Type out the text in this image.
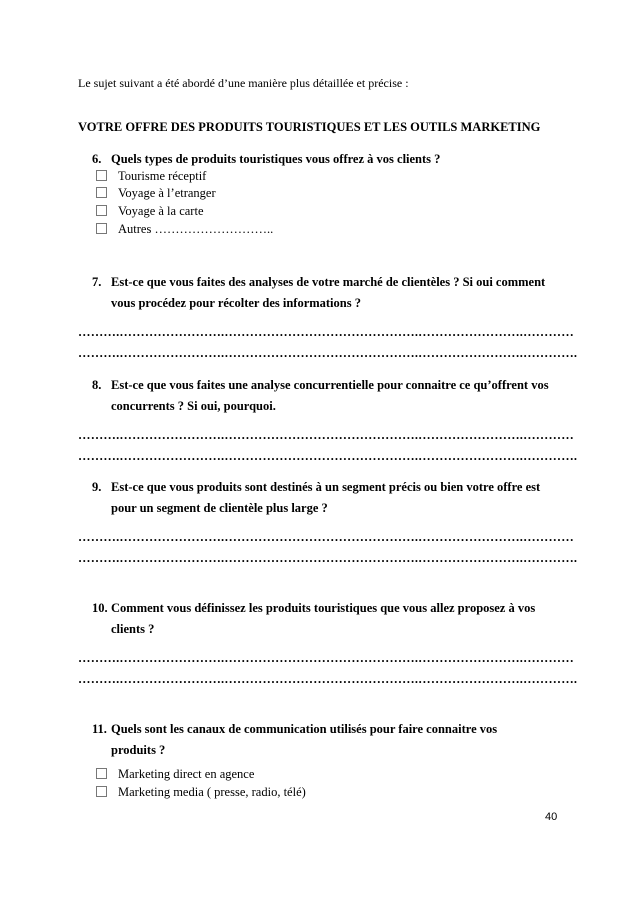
Le sujet suivant a été abordé d’une manière plus détaillée et précise :
VOTRE OFFRE DES PRODUITS TOURISTIQUES ET LES OUTILS MARKETING
6. Quels types de produits touristiques vous offrez à vos clients ?
Tourisme réceptif
Voyage à l’etranger
Voyage à la carte
Autres ………………………..
7. Est-ce que vous faites des analyses de votre marché de clientèles ? Si oui comment
vous procédez pour récolter des informations ?
……….…………………….……………………………………….…………………….…………
……….…………………….……………………………………….…………………….………….
8. Est-ce que vous faites une analyse concurrentielle pour connaitre ce qu’offrent vos
concurrents ? Si oui, pourquoi.
……….…………………….……………………………………….…………………….…………
……….…………………….……………………………………….…………………….………….
9. Est-ce que vous produits sont destinés à un segment précis ou bien votre offre est
pour un segment de clientèle plus large ?
……….…………………….……………………………………….…………………….…………
……….…………………….……………………………………….…………………….………….
10. Comment vous définissez les produits touristiques que vous allez proposez à vos
clients ?
……….…………………….……………………………………….…………………….…………
……….…………………….……………………………………….…………………….………….
11. Quels sont les canaux de communication utilisés pour faire connaitre vos
produits ?
Marketing direct en agence
Marketing media ( presse, radio, télé)
40
